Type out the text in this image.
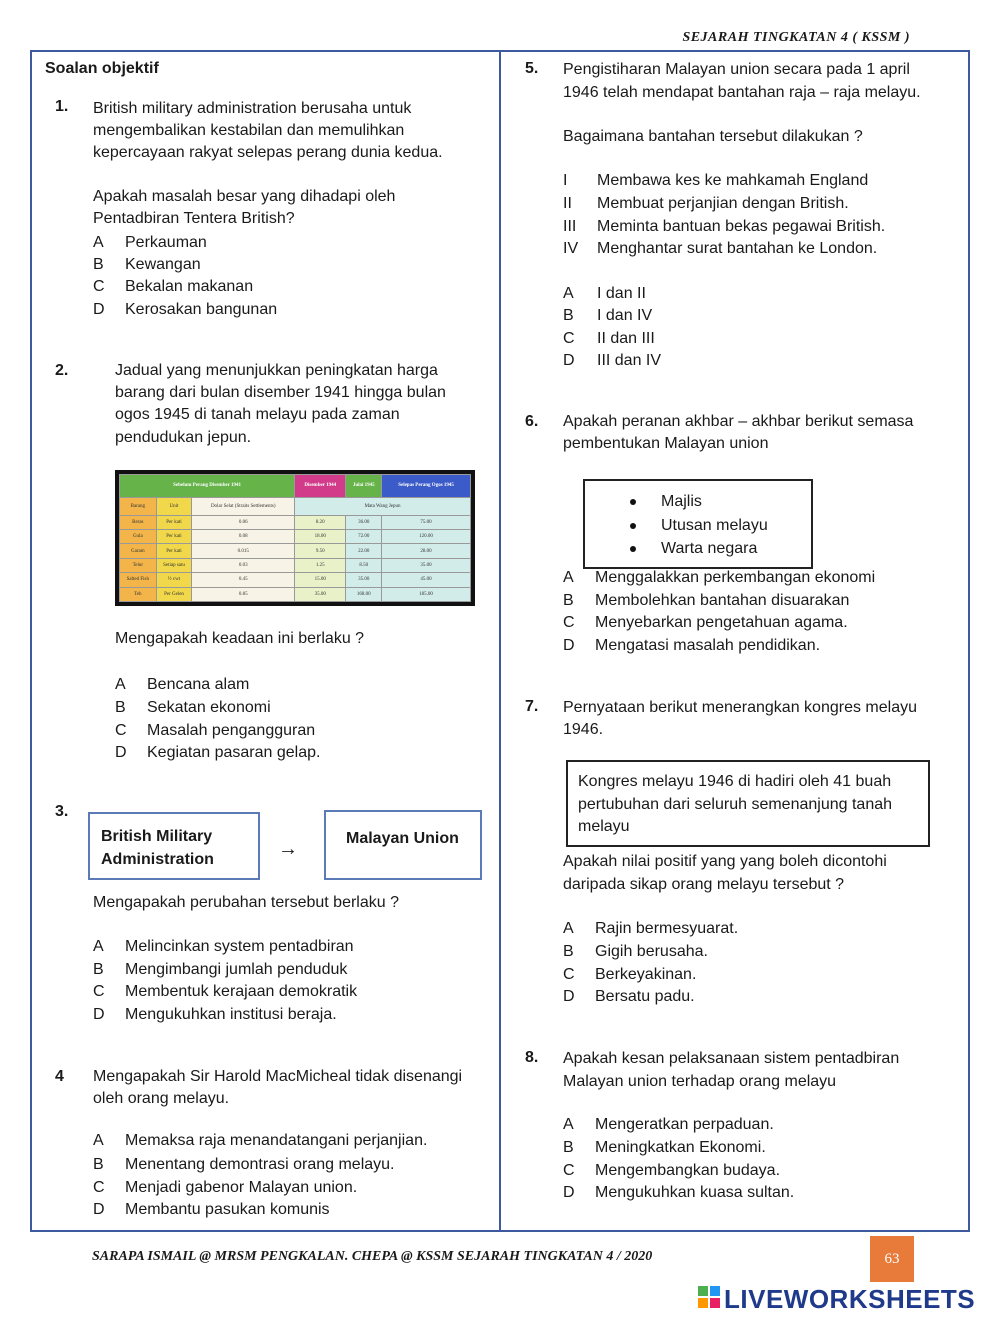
SEJARAH TINGKATAN 4 ( KSSM )
Soalan objektif
1. British military administration berusaha untuk
mengembalikan kestabilan dan memulihkan
kepercayaan rakyat selepas perang dunia kedua.
Apakah masalah besar yang dihadapi oleh
Pentadbiran Tentera British?
A Perkauman
B Kewangan
C Bekalan makanan
D Kerosakan bangunan
2.	Jadual yang menunjukkan peningkatan harga
barang dari bulan disember 1941 hingga bulan
ogos 1945 di tanah melayu pada zaman
pendudukan jepun.
Sebelum Perang Disember 1941			Disember 1944	Julai 1945	Selepas Perang Ogos 1945
Barang	Unit	Dolar Selat (Straits Settlements)	Mata Wang Jepun		
Beras	Per kati	0.06	8.20	36.00	75.00
Gula	Per kati	0.08	18.00	72.00	120.00
Garam	Per kati	0.015	9.50	22.00	28.00
Telur	Setiap satu	0.03	1.25	8.50	35.00
Salted Fish	½ cwt	0.45	15.00	35.00	45.00
Teh	Per Gelen	0.85	35.00	168.00	185.00
Mengapakah keadaan ini berlaku ?
A Bencana alam
B Sekatan ekonomi
C Masalah pengangguran
D Kegiatan pasaran gelap.
3.
British Military
Administration	→	Malayan Union
Mengapakah perubahan tersebut berlaku ?
A Melincinkan system pentadbiran
B Mengimbangi jumlah penduduk
C Membentuk kerajaan demokratik
D Mengukuhkan institusi beraja.
4 Mengapakah Sir Harold MacMicheal tidak disenangi
oleh orang melayu.
A Memaksa raja menandatangani perjanjian.
B Menentang demontrasi orang melayu.
C Menjadi gabenor Malayan union.
D Membantu pasukan komunis
5. Pengistiharan Malayan union secara pada 1 april
1946 telah mendapat bantahan raja – raja melayu.
Bagaimana bantahan tersebut dilakukan ?
I Membawa kes ke mahkamah England
II Membuat perjanjian dengan British.
III Meminta bantuan bekas pegawai British.
IV Menghantar surat bantahan ke London.
A I dan II
B I dan IV
C II dan III
D III dan IV
6. Apakah peranan akhbar – akhbar berikut semasa
pembentukan Malayan union
Majlis
Utusan melayu
Warta negara
A Menggalakkan perkembangan ekonomi
B Membolehkan bantahan disuarakan
C Menyebarkan pengetahuan agama.
D Mengatasi masalah pendidikan.
7. Pernyataan berikut menerangkan kongres melayu
1946.
Kongres melayu 1946 di hadiri oleh 41 buah
pertubuhan dari seluruh semenanjung tanah
melayu
Apakah nilai positif yang yang boleh dicontohi
daripada sikap orang melayu tersebut ?
A Rajin bermesyuarat.
B Gigih berusaha.
C Berkeyakinan.
D Bersatu padu.
8. Apakah kesan pelaksanaan sistem pentadbiran
Malayan union terhadap orang melayu
A Mengeratkan perpaduan.
B Meningkatkan Ekonomi.
C Mengembangkan budaya.
D Mengukuhkan kuasa sultan.
SARAPA ISMAIL @ MRSM PENGKALAN. CHEPA @ KSSM SEJARAH TINGKATAN 4 / 2020	63
LIVEWORKSHEETS
